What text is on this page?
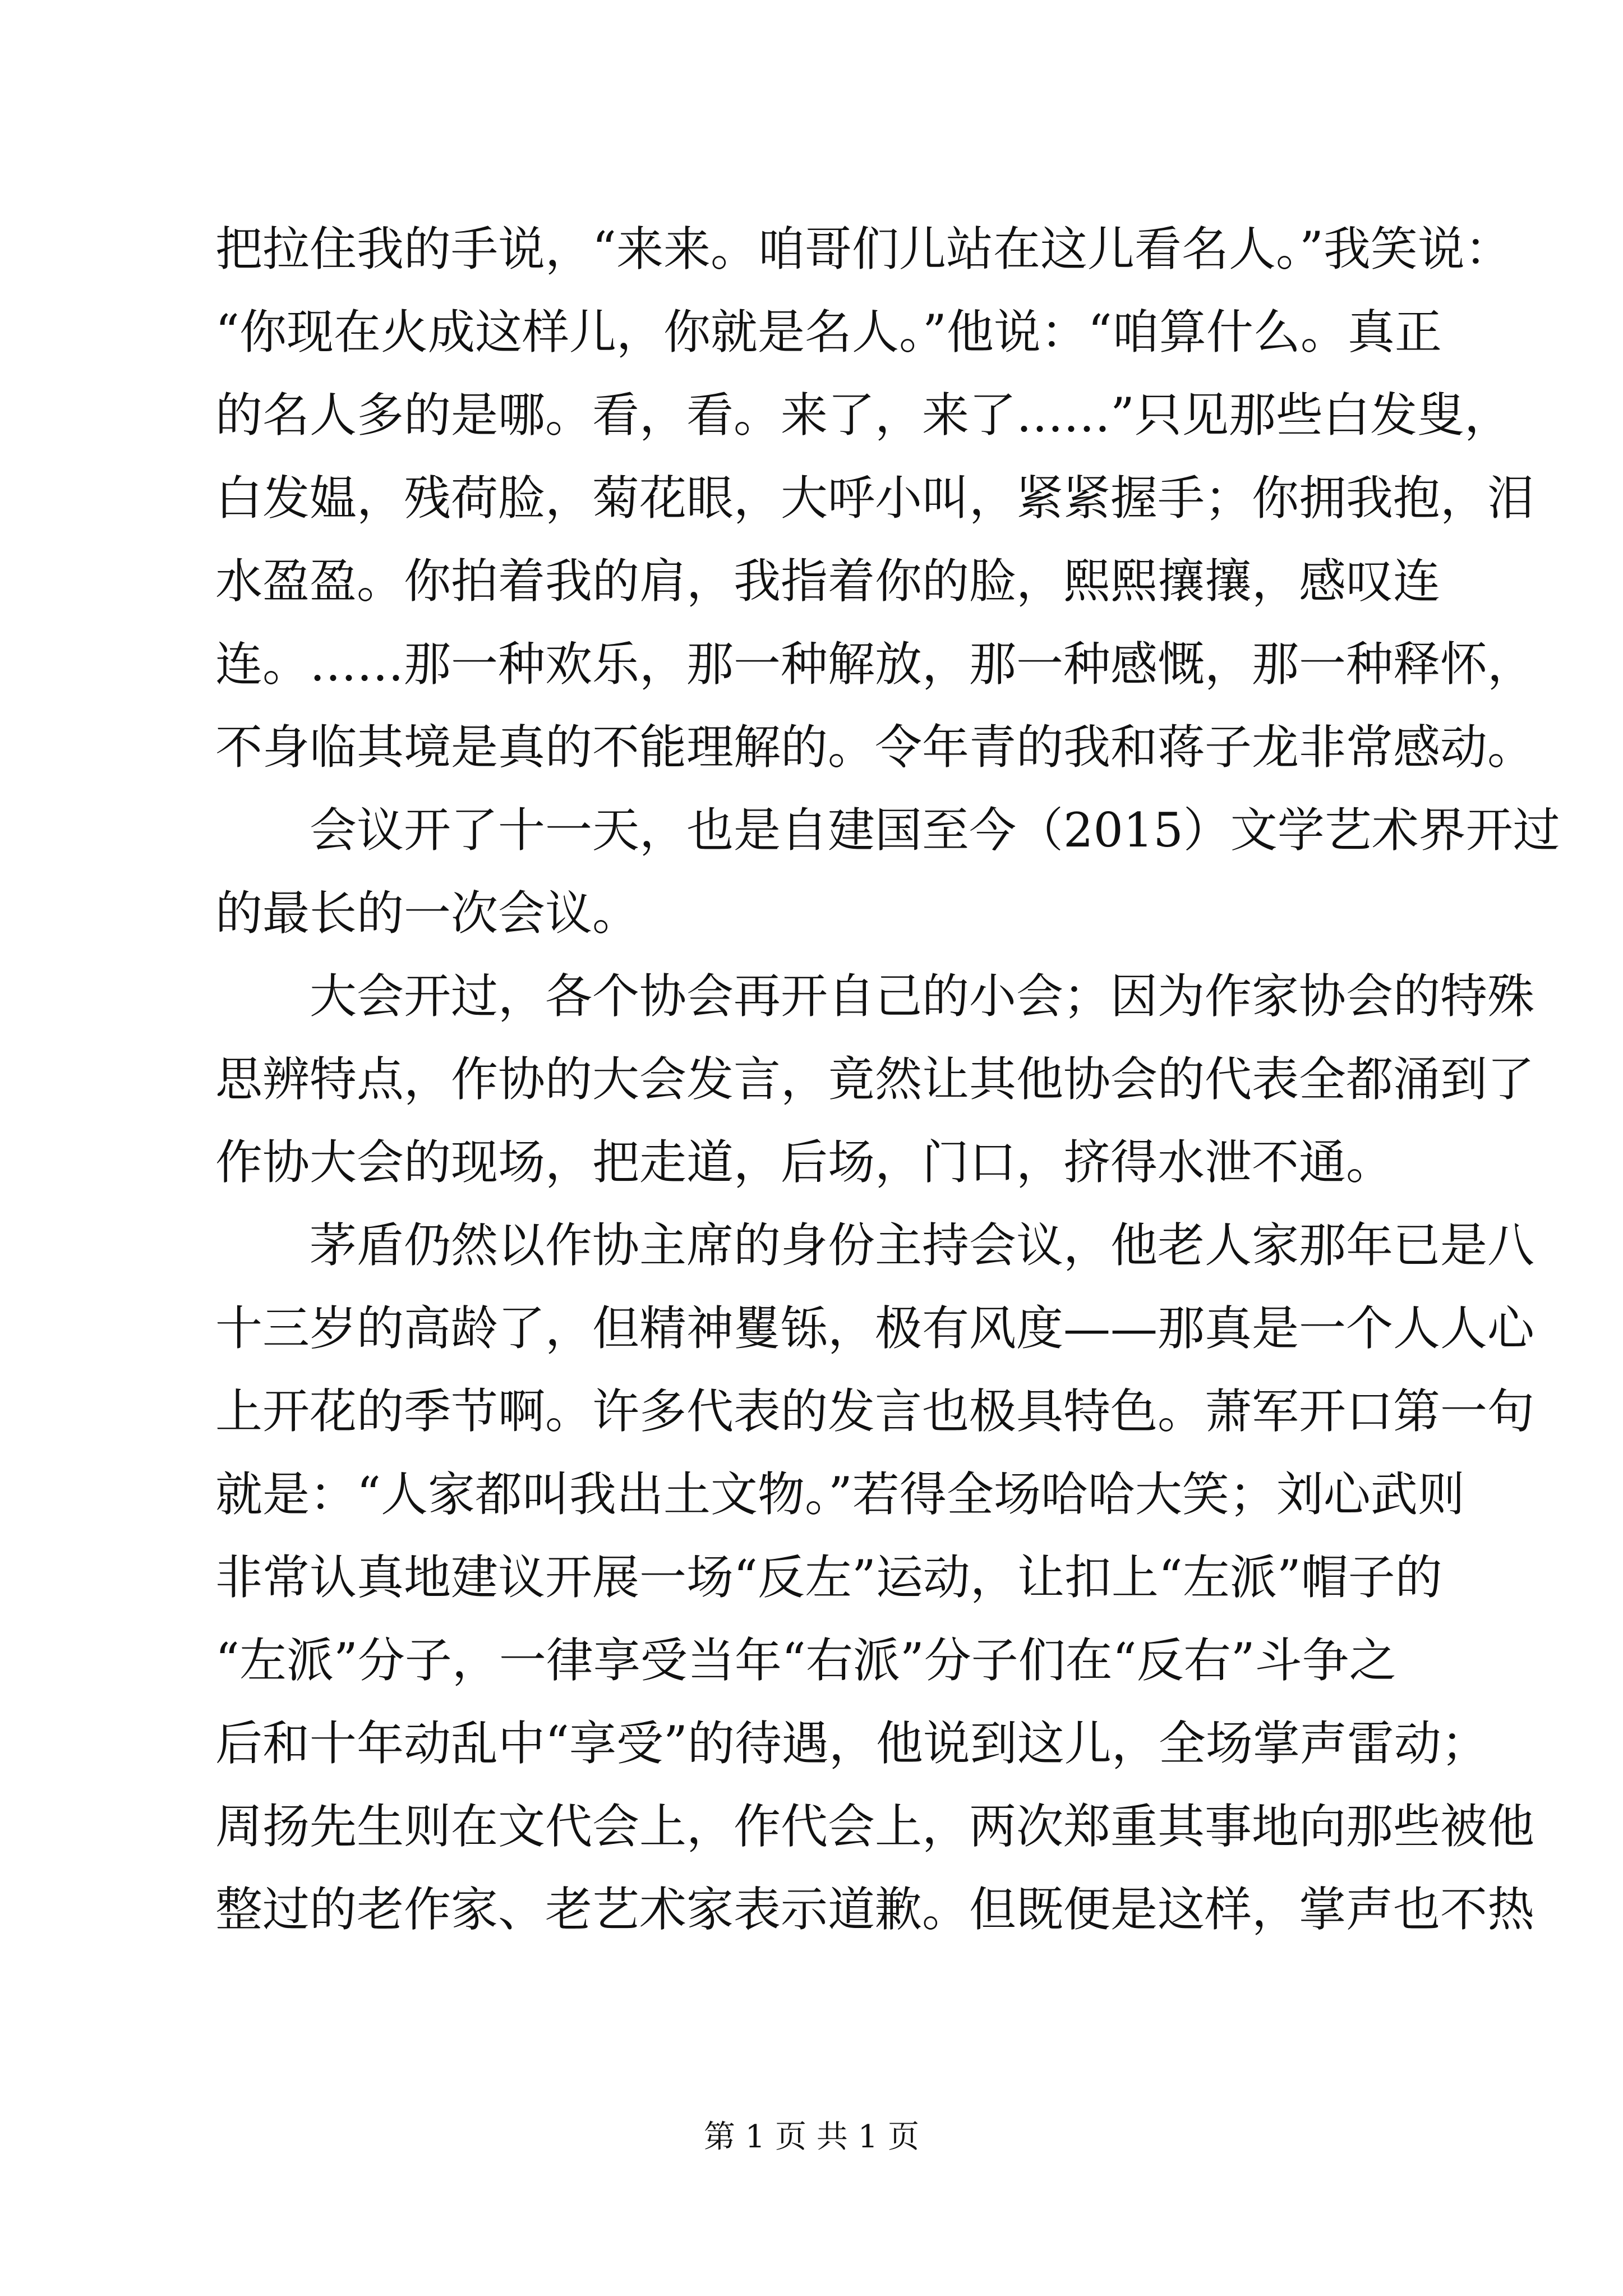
把拉住我的手说，“来来。咱哥们儿站在这儿看名人。”我笑说：
“你现在火成这样儿，你就是名人。”他说：“咱算什么。真正
的名人多的是哪。看，看。来了，来了……”只见那些白发叟，
白发媪，残荷脸，菊花眼，大呼小叫，紧紧握手；你拥我抱，泪
水盈盈。你拍着我的肩，我指着你的脸，熙熙攘攘，感叹连
连。……那一种欢乐，那一种解放，那一种感慨，那一种释怀，
不身临其境是真的不能理解的。令年青的我和蒋子龙非常感动。
　　会议开了十一天，也是自建国至今（2015）文学艺术界开过
的最长的一次会议。
　　大会开过，各个协会再开自己的小会；因为作家协会的特殊
思辨特点，作协的大会发言，竟然让其他协会的代表全都涌到了
作协大会的现场，把走道，后场，门口，挤得水泄不通。
　　茅盾仍然以作协主席的身份主持会议，他老人家那年已是八
十三岁的高龄了，但精神矍铄，极有风度——那真是一个人人心
上开花的季节啊。许多代表的发言也极具特色。萧军开口第一句
就是：“人家都叫我出土文物。”若得全场哈哈大笑；刘心武则
非常认真地建议开展一场“反左”运动，让扣上“左派”帽子的
“左派”分子，一律享受当年“右派”分子们在“反右”斗争之
后和十年动乱中“享受”的待遇，他说到这儿，全场掌声雷动；
周扬先生则在文代会上，作代会上，两次郑重其事地向那些被他
整过的老作家、老艺术家表示道歉。但既便是这样，掌声也不热
第 1 页 共 1 页
